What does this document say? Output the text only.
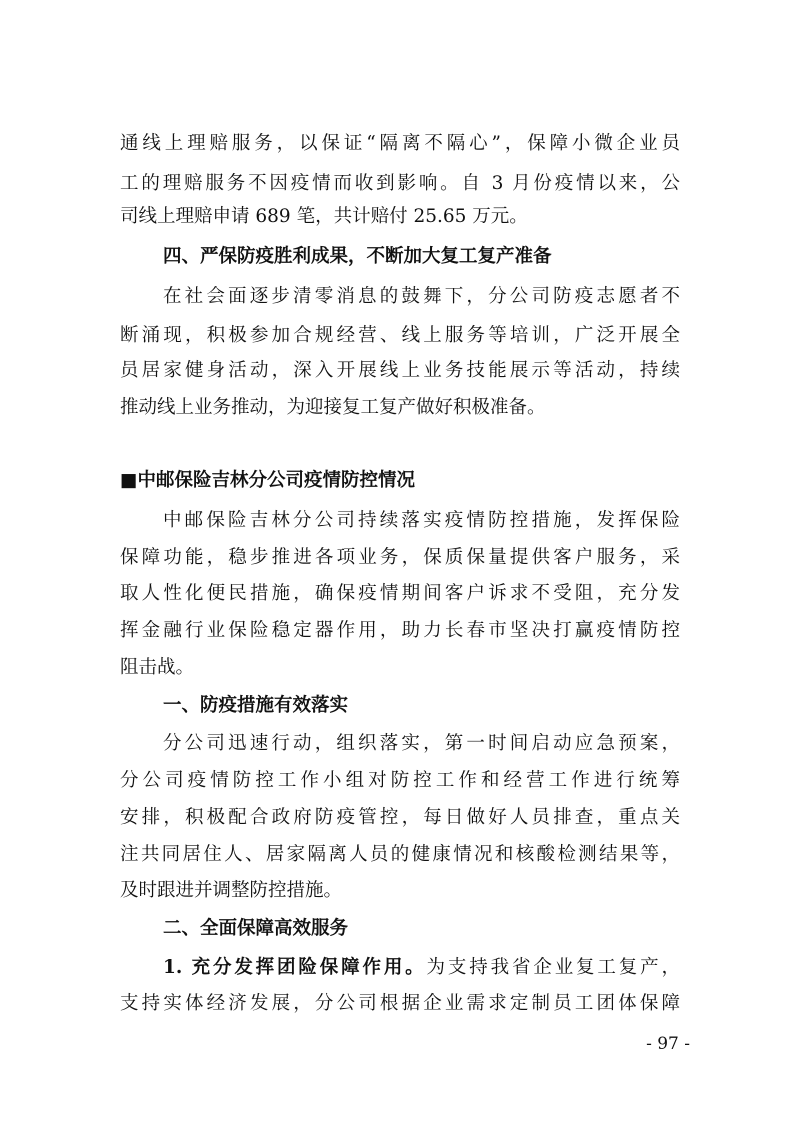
通线上理赔服务，以保证“隔离不隔心”，保障小微企业员
工的理赔服务不因疫情而收到影响。自 3 月份疫情以来，公
司线上理赔申请 689 笔，共计赔付 25.65 万元。
四、严保防疫胜利成果，不断加大复工复产准备
在社会面逐步清零消息的鼓舞下，分公司防疫志愿者不
断涌现，积极参加合规经营、线上服务等培训，广泛开展全
员居家健身活动，深入开展线上业务技能展示等活动，持续
推动线上业务推动，为迎接复工复产做好积极准备。
■中邮保险吉林分公司疫情防控情况
中邮保险吉林分公司持续落实疫情防控措施，发挥保险
保障功能，稳步推进各项业务，保质保量提供客户服务，采
取人性化便民措施，确保疫情期间客户诉求不受阻，充分发
挥金融行业保险稳定器作用，助力长春市坚决打赢疫情防控
阻击战。
一、防疫措施有效落实
分公司迅速行动，组织落实，第一时间启动应急预案，
分公司疫情防控工作小组对防控工作和经营工作进行统筹
安排，积极配合政府防疫管控，每日做好人员排查，重点关
注共同居住人、居家隔离人员的健康情况和核酸检测结果等，
及时跟进并调整防控措施。
二、全面保障高效服务
1. 充分发挥团险保障作用。为支持我省企业复工复产，
支持实体经济发展，分公司根据企业需求定制员工团体保障
- 97 -
